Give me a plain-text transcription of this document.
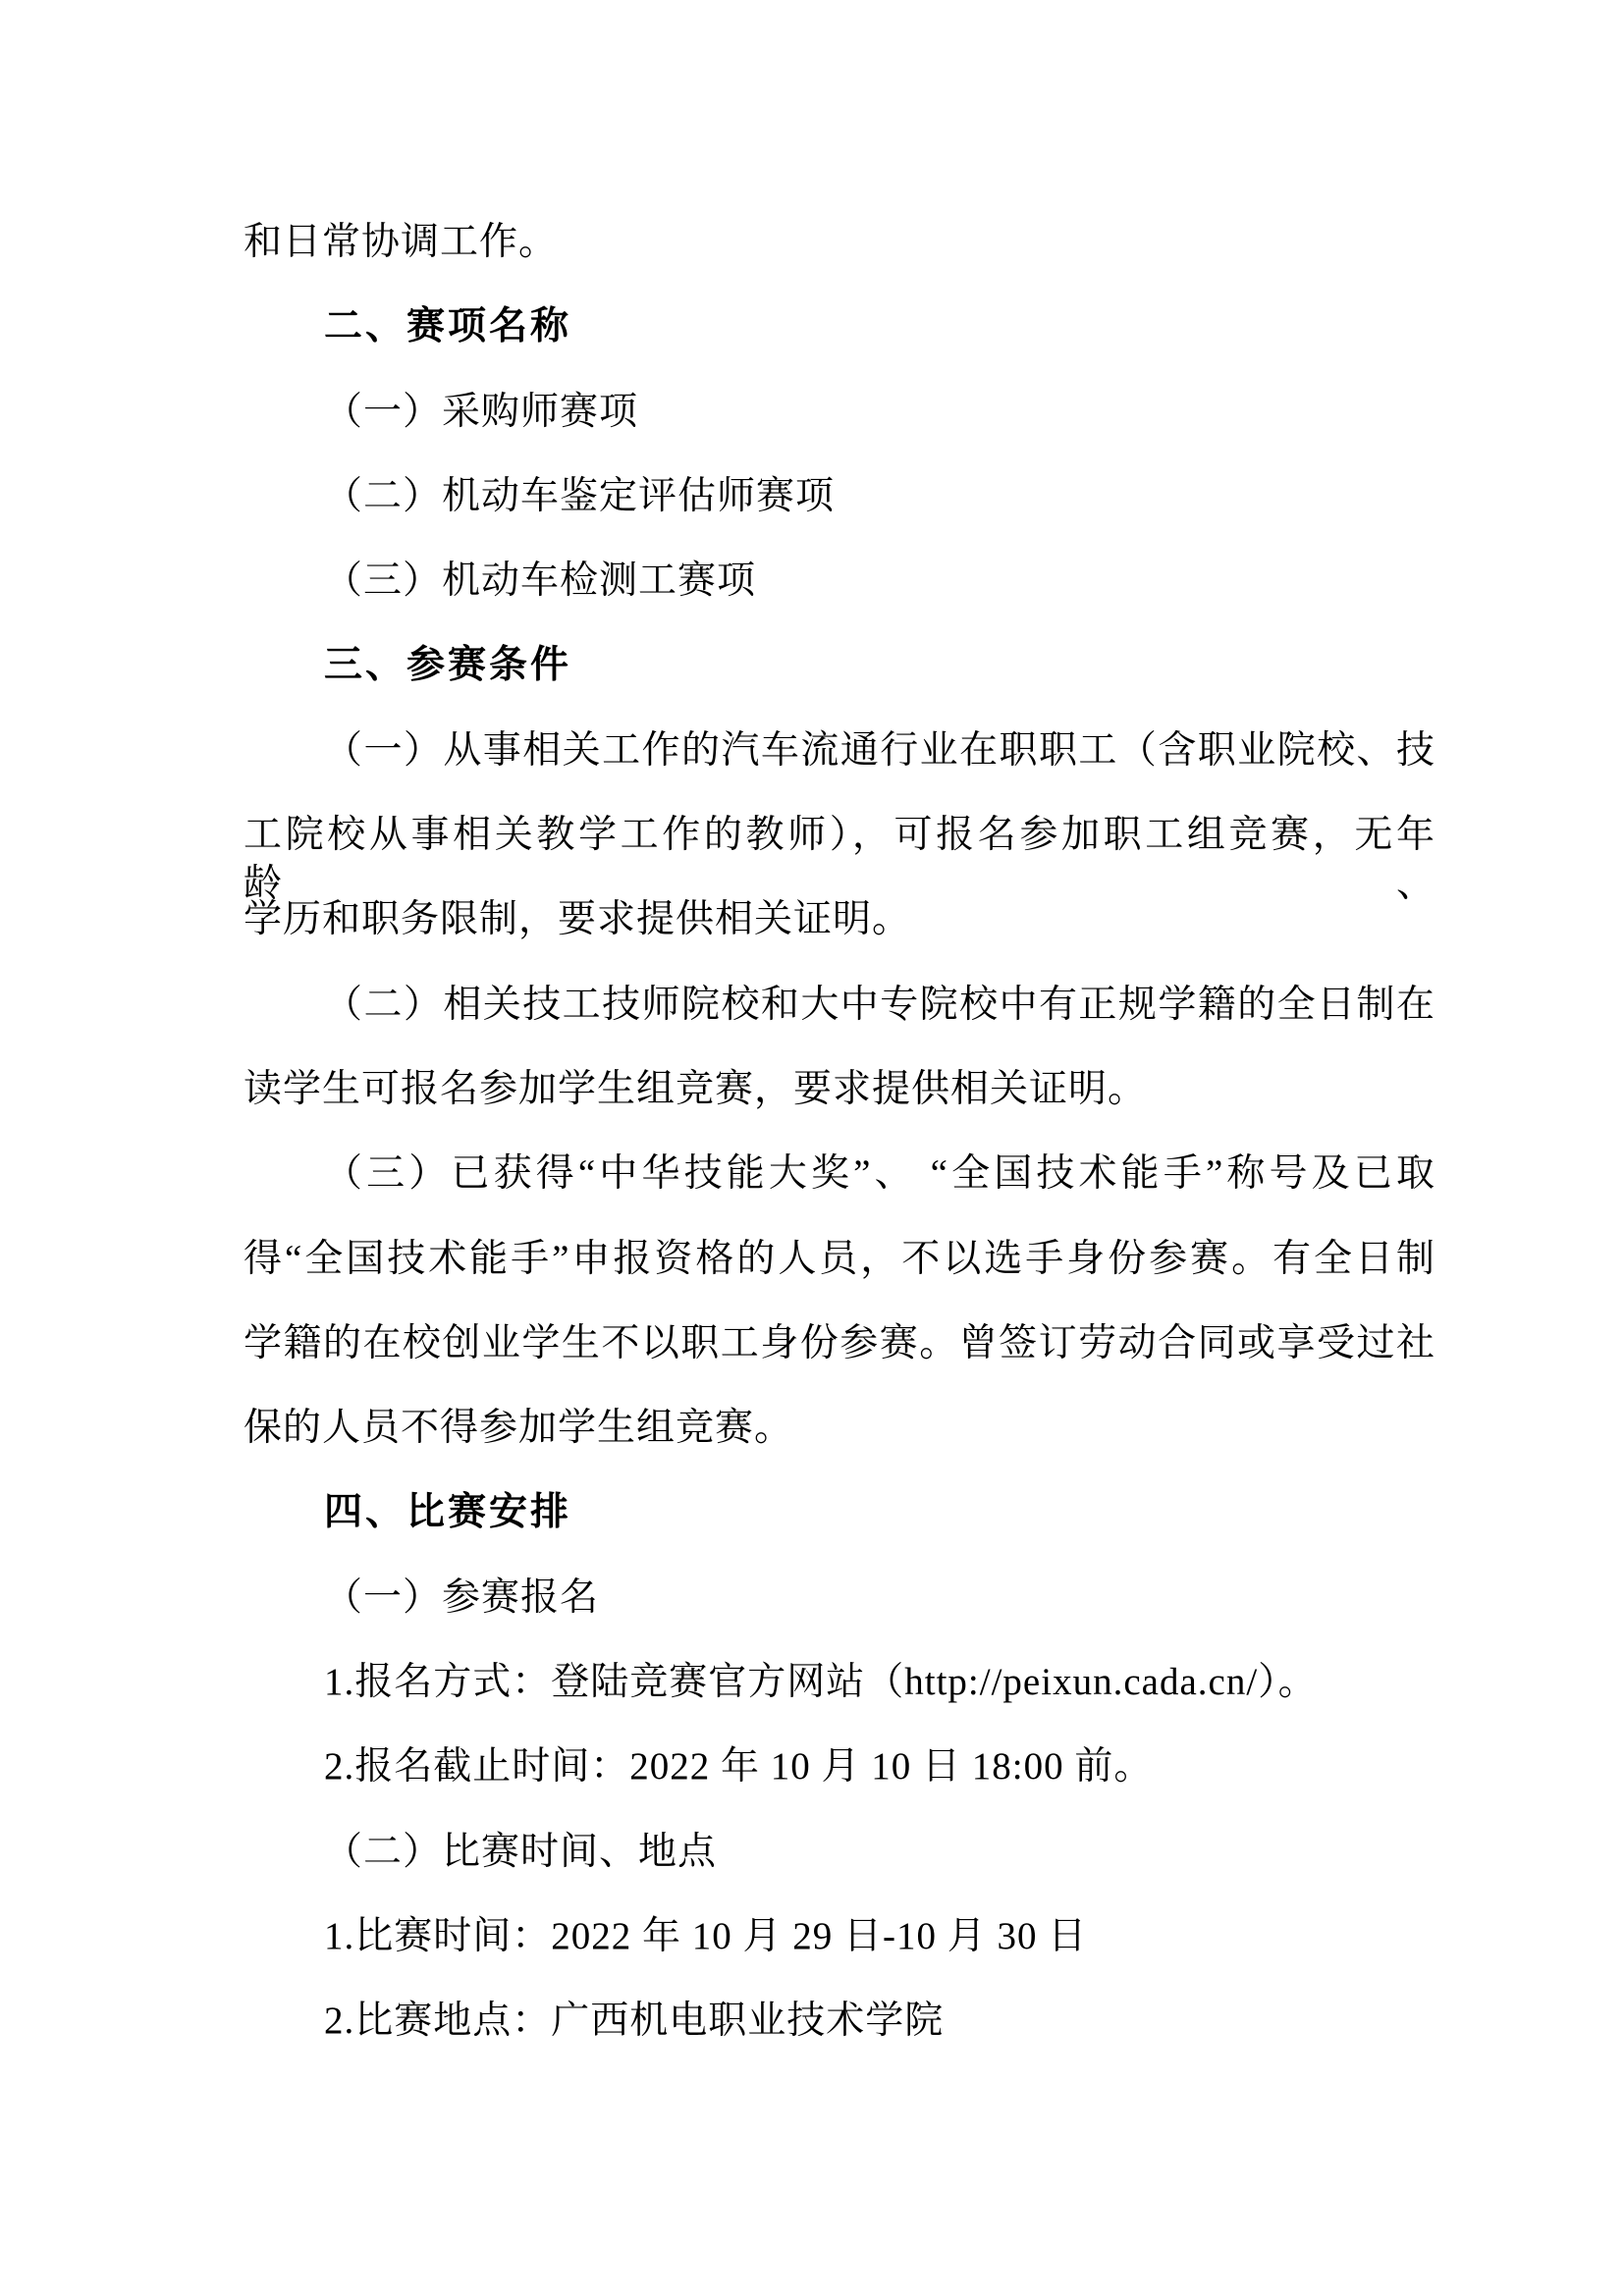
和日常协调工作。
二、赛项名称
（一）采购师赛项
（二）机动车鉴定评估师赛项
（三）机动车检测工赛项
三、参赛条件
（一）从事相关工作的汽车流通行业在职职工（含职业院校、技
工院校从事相关教学工作的教师），可报名参加职工组竞赛，无年龄、
学历和职务限制，要求提供相关证明。
（二）相关技工技师院校和大中专院校中有正规学籍的全日制在
读学生可报名参加学生组竞赛，要求提供相关证明。
（三）已获得“中华技能大奖”、 “全国技术能手”称号及已取
得“全国技术能手”申报资格的人员，不以选手身份参赛。有全日制
学籍的在校创业学生不以职工身份参赛。曾签订劳动合同或享受过社
保的人员不得参加学生组竞赛。
四、比赛安排
（一）参赛报名
1.报名方式：登陆竞赛官方网站（http://peixun.cada.cn/）。
2.报名截止时间：2022 年 10 月 10 日 18:00 前。
（二）比赛时间、地点
1.比赛时间：2022 年 10 月 29 日-10 月 30 日
2.比赛地点：广西机电职业技术学院
